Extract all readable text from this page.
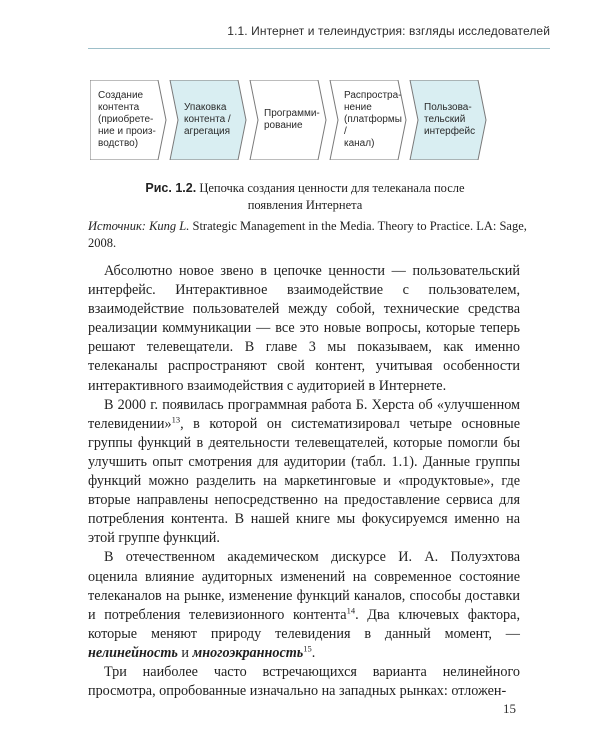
1.1. Интернет и телеиндустрия: взгляды исследователей
Создание
контента
(приобрете-
ние и произ-
водство)
Упаковка
контента /
агрегация
Программи-
рование
Распростра-
нение
(платформы /
канал)
Пользова-
тельский
интерфейс
Рис. 1.2. Цепочка создания ценности для телеканала после появления Интернета
Источник: Kung L. Strategic Management in the Media. Theory to Practice. LA: Sage, 2008.

Абсолютно новое звено в цепочке ценности — пользовательский интерфейс. Интерактивное взаимодействие с пользователем, взаимодействие пользователей между собой, технические средства реализации коммуникации — все это новые вопросы, которые теперь решают телевещатели. В главе 3 мы показываем, как именно телеканалы распространяют свой контент, учитывая особенности интерактивного взаимодействия с аудиторией в Интернете.

В 2000 г. появилась программная работа Б. Херста об «улучшенном телевидении»$^{13}$, в которой он систематизировал четыре основные группы функций в деятельности телевещателей, которые помогли бы улучшить опыт смотрения для аудитории (табл. 1.1). Данные группы функций можно разделить на маркетинговые и «продуктовые», где вторые направлены непосредственно на предоставление сервиса для потребления контента. В нашей книге мы фокусируемся именно на этой группе функций.

В отечественном академическом дискурсе И. А. Полуэхтова оценила влияние аудиторных изменений на современное состояние телеканалов на рынке, изменение функций каналов, способы доставки и потребления телевизионного контента$^{14}$. Два ключевых фактора, которые меняют природу телевидения в данный момент, — нелинейность и многоэкранность$^{15}$.

Три наиболее часто встречающихся варианта нелинейного просмотра, опробованные изначально на западных рынках: отложен-

15
